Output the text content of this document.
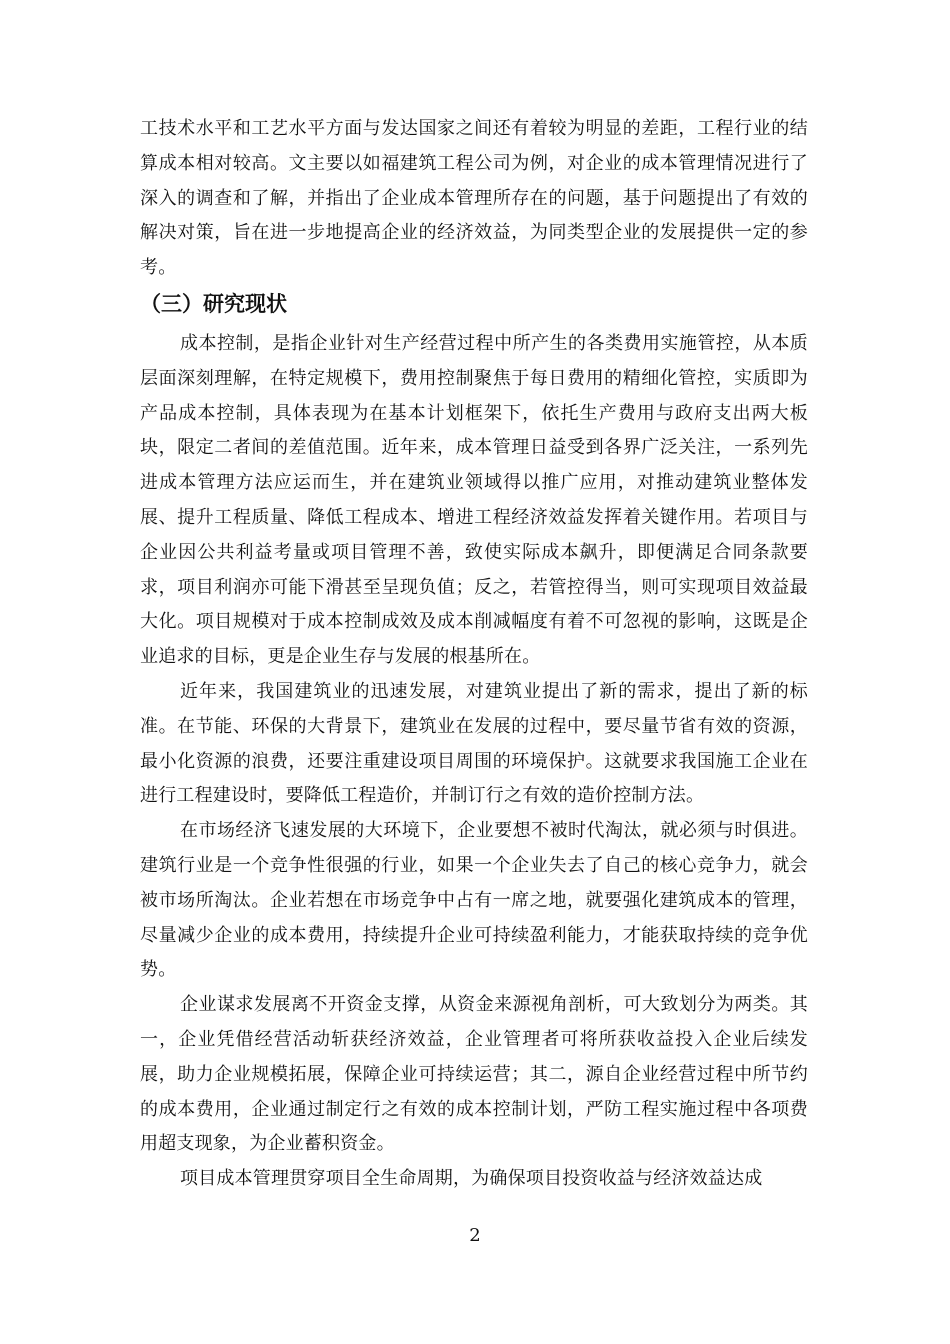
工技术水平和工艺水平方面与发达国家之间还有着较为明显的差距，工程行业的结算成本相对较高。文主要以如福建筑工程公司为例，对企业的成本管理情况进行了深入的调查和了解，并指出了企业成本管理所存在的问题，基于问题提出了有效的解决对策，旨在进一步地提高企业的经济效益，为同类型企业的发展提供一定的参考。

（三）研究现状

成本控制，是指企业针对生产经营过程中所产生的各类费用实施管控，从本质层面深刻理解，在特定规模下，费用控制聚焦于每日费用的精细化管控，实质即为产品成本控制，具体表现为在基本计划框架下，依托生产费用与政府支出两大板块，限定二者间的差值范围。近年来，成本管理日益受到各界广泛关注，一系列先进成本管理方法应运而生，并在建筑业领域得以推广应用，对推动建筑业整体发展、提升工程质量、降低工程成本、增进工程经济效益发挥着关键作用。若项目与企业因公共利益考量或项目管理不善，致使实际成本飙升，即便满足合同条款要求，项目利润亦可能下滑甚至呈现负值；反之，若管控得当，则可实现项目效益最大化。项目规模对于成本控制成效及成本削减幅度有着不可忽视的影响，这既是企业追求的目标，更是企业生存与发展的根基所在。

近年来，我国建筑业的迅速发展，对建筑业提出了新的需求，提出了新的标准。在节能、环保的大背景下，建筑业在发展的过程中，要尽量节省有效的资源，最小化资源的浪费，还要注重建设项目周围的环境保护。这就要求我国施工企业在进行工程建设时，要降低工程造价，并制订行之有效的造价控制方法。

在市场经济飞速发展的大环境下，企业要想不被时代淘汰，就必须与时俱进。建筑行业是一个竞争性很强的行业，如果一个企业失去了自己的核心竞争力，就会被市场所淘汰。企业若想在市场竞争中占有一席之地，就要强化建筑成本的管理，尽量减少企业的成本费用，持续提升企业可持续盈利能力，才能获取持续的竞争优势。

企业谋求发展离不开资金支撑，从资金来源视角剖析，可大致划分为两类。其一，企业凭借经营活动斩获经济效益，企业管理者可将所获收益投入企业后续发展，助力企业规模拓展，保障企业可持续运营；其二，源自企业经营过程中所节约的成本费用，企业通过制定行之有效的成本控制计划，严防工程实施过程中各项费用超支现象，为企业蓄积资金。

项目成本管理贯穿项目全生命周期，为确保项目投资收益与经济效益达成

2
